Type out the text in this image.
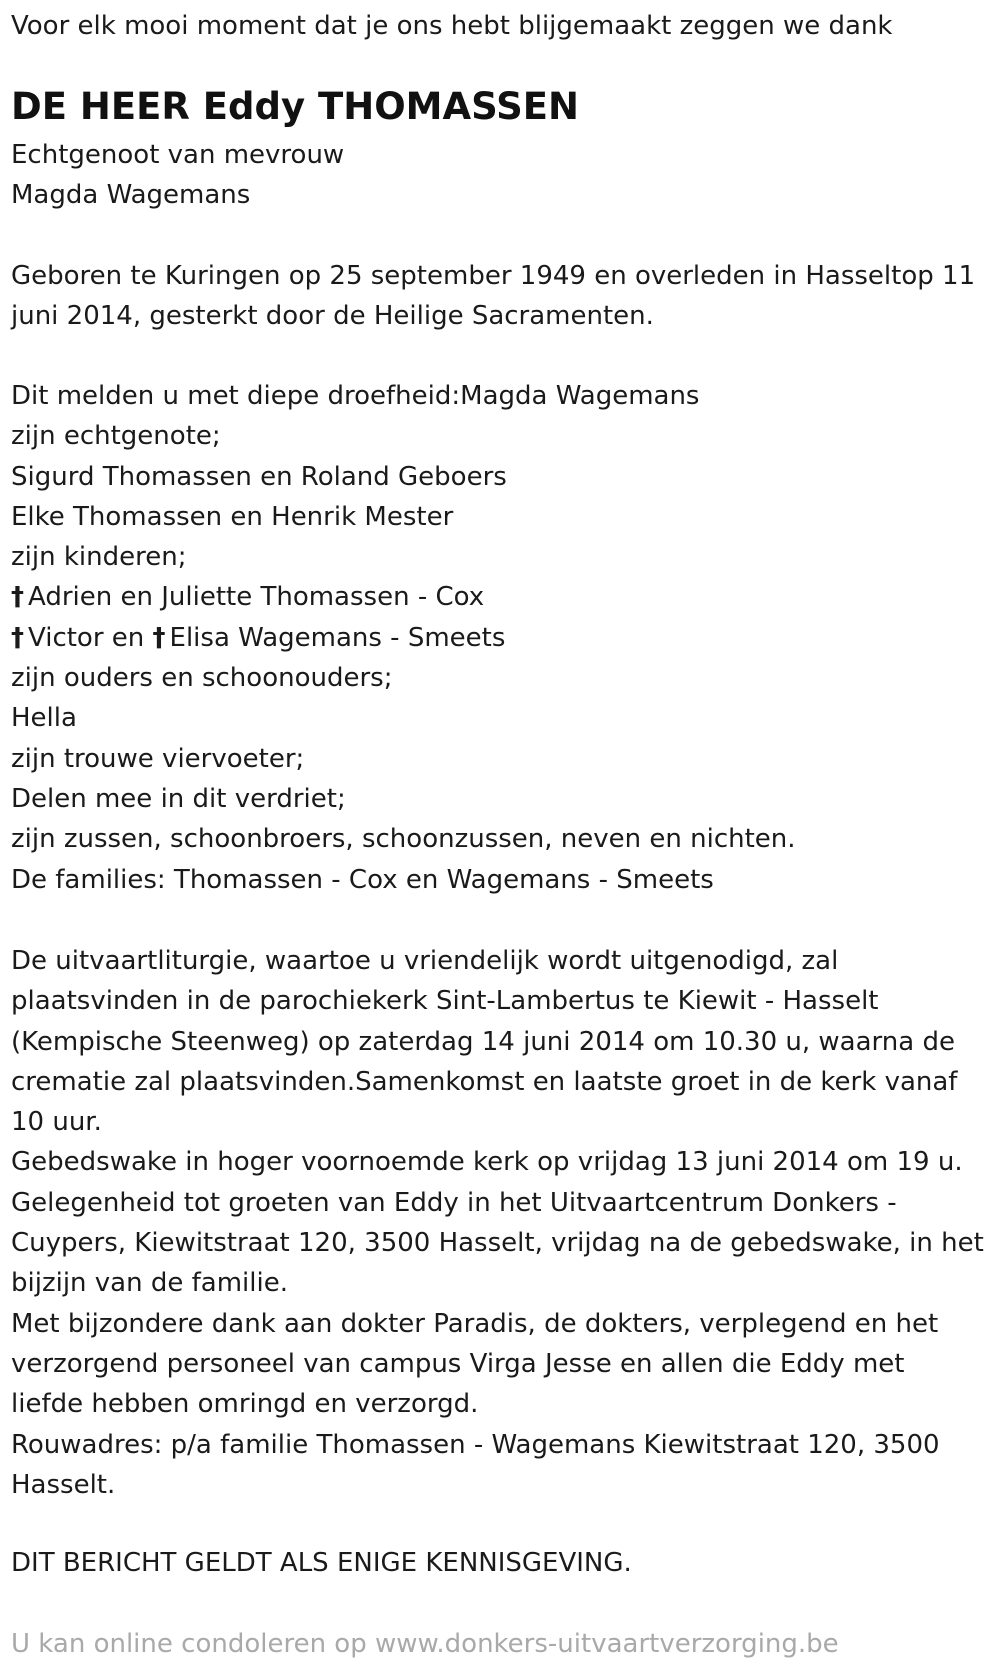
Voor elk mooi moment dat je ons hebt blijgemaakt zeggen we dank

DE HEER Eddy THOMASSEN

Echtgenoot van mevrouw

Magda Wagemans

Geboren te Kuringen op 25 september 1949 en overleden in Hasseltop 11

juni 2014, gesterkt door de Heilige Sacramenten.

Dit melden u met diepe droefheid:Magda Wagemans

zijn echtgenote;

Sigurd Thomassen en Roland Geboers

Elke Thomassen en Henrik Mester

zijn kinderen;

† Adrien en Juliette Thomassen - Cox

† Victor en † Elisa Wagemans - Smeets

zijn ouders en schoonouders;

Hella

zijn trouwe viervoeter;

Delen mee in dit verdriet;

zijn zussen, schoonbroers, schoonzussen, neven en nichten.

De families: Thomassen - Cox en Wagemans - Smeets

De uitvaartliturgie, waartoe u vriendelijk wordt uitgenodigd, zal

plaatsvinden in de parochiekerk Sint-Lambertus te Kiewit - Hasselt

(Kempische Steenweg) op zaterdag 14 juni 2014 om 10.30 u, waarna de

crematie zal plaatsvinden.Samenkomst en laatste groet in de kerk vanaf

10 uur.

Gebedswake in hoger voornoemde kerk op vrijdag 13 juni 2014 om 19 u.

Gelegenheid tot groeten van Eddy in het Uitvaartcentrum Donkers -

Cuypers, Kiewitstraat 120, 3500 Hasselt, vrijdag na de gebedswake, in het

bijzijn van de familie.

Met bijzondere dank aan dokter Paradis, de dokters, verplegend en het

verzorgend personeel van campus Virga Jesse en allen die Eddy met

liefde hebben omringd en verzorgd.

Rouwadres: p/a familie Thomassen - Wagemans Kiewitstraat 120, 3500

Hasselt.

DIT BERICHT GELDT ALS ENIGE KENNISGEVING.

U kan online condoleren op www.donkers-uitvaartverzorging.be
